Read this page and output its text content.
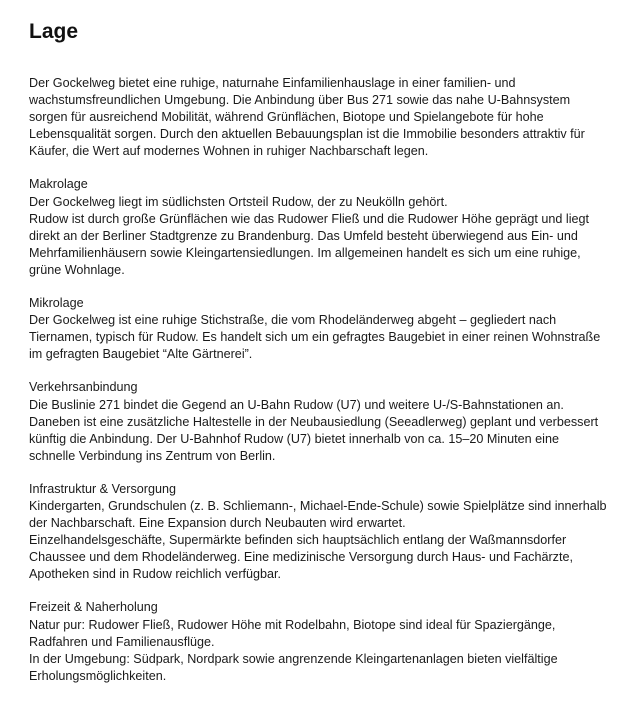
Lage

Der Gockelweg bietet eine ruhige, naturnahe Einfamilienhauslage in einer familien- und wachstumsfreundlichen Umgebung. Die Anbindung über Bus 271 sowie das nahe U-Bahnsystem sorgen für ausreichend Mobilität, während Grünflächen, Biotope und Spielangebote für hohe Lebensqualität sorgen. Durch den aktuellen Bebauungsplan ist die Immobilie besonders attraktiv für Käufer, die Wert auf modernes Wohnen in ruhiger Nachbarschaft legen.

Makrolage
Der Gockelweg liegt im südlichsten Ortsteil Rudow, der zu Neukölln gehört.
Rudow ist durch große Grünflächen wie das Rudower Fließ und die Rudower Höhe geprägt und liegt direkt an der Berliner Stadtgrenze zu Brandenburg. Das Umfeld besteht überwiegend aus Ein- und Mehrfamilienhäusern sowie Kleingartensiedlungen. Im allgemeinen handelt es sich um eine ruhige, grüne Wohnlage.
Mikrolage
Der Gockelweg ist eine ruhige Stichstraße, die vom Rhodeländerweg abgeht – gegliedert nach Tiernamen, typisch für Rudow. Es handelt sich um ein gefragtes Baugebiet in einer reinen Wohnstraße im gefragten Baugebiet “Alte Gärtnerei”.
Verkehrsanbindung
Die Buslinie 271 bindet die Gegend an U-Bahn Rudow (U7) und weitere U-/S-Bahnstationen an. Daneben ist eine zusätzliche Haltestelle in der Neubausiedlung (Seeadlerweg) geplant und verbessert künftig die Anbindung. Der U-Bahnhof Rudow (U7) bietet innerhalb von ca. 15–20 Minuten eine schnelle Verbindung ins Zentrum von Berlin.
Infrastruktur & Versorgung
Kindergarten, Grundschulen (z. B. Schliemann-, Michael-Ende-Schule) sowie Spielplätze sind innerhalb der Nachbarschaft. Eine Expansion durch Neubauten wird erwartet.
Einzelhandelsgeschäfte, Supermärkte befinden sich hauptsächlich entlang der Waßmannsdorfer Chaussee und dem Rhodeländerweg. Eine medizinische Versorgung durch Haus- und Fachärzte, Apotheken sind in Rudow reichlich verfügbar.
Freizeit & Naherholung
Natur pur: Rudower Fließ, Rudower Höhe mit Rodelbahn, Biotope sind ideal für Spaziergänge, Radfahren und Familienausflüge.
In der Umgebung: Südpark, Nordpark sowie angrenzende Kleingartenanlagen bieten vielfältige Erholungsmöglichkeiten.
